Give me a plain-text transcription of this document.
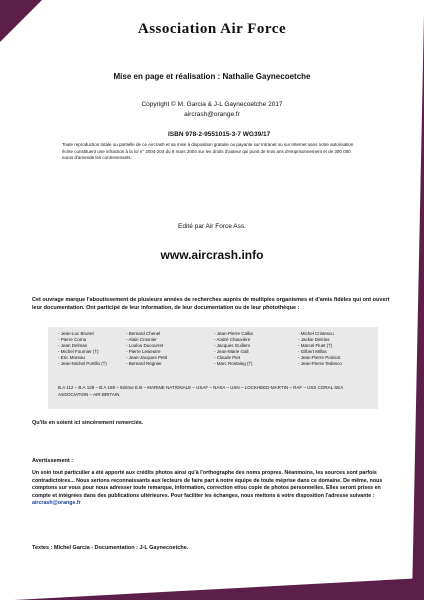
Association Air Force
Mise en page et réalisation : Nathalie Gaynecoetche
Copyright © M. Garcia & J-L Gaynecoetche 2017
aircrash@orange.fr
ISBN 978-2-9551015-3-7 WG39/17
Toute reproduction totale ou partielle de ce Aircrash et sa mise à disposition gratuite ou payante sur Intranet ou sur Internet sans notre autorisation écrite constituent une infraction à la loi n° 2004-204 du 9 mars 2004 sur les droits d'auteur qui punit de trois ans d'emprisonnement et de 300 000 euros d'amende les contrevenants.
Edité par Air Force Ass.
www.aircrash.info
Cet ouvrage marque l'aboutissement de plusieurs années de recherches auprès de multiples organismes et d'amis fidèles qui ont ouvert leur documentation. Ont participé de leur information, de leur documentation ou de leur photothèque :
- Jean-Luc Brunet
- Pierre Cornu
- Jean Delmas
- Michel Fournier (†)
- Eric Moreau
- Jean-Michel Portillo (†)
- Bernard Chenel
- Alain Crosnier
- Loulou Ducourret
- Pierre Lesieutre
- Jean-Jacques Petit
- Bernard Régnier
- Jean-Pierre Calka
- André Chauvière
- Jacques Guillem
- Jean-Marie Gall
- Claude Piet
- Marc Rostaing (†)
- Michel Cristescu
- Jackie Delclos
- Marcel Fluet (†)
- Gilbert Millas
- Jean-Pierre Poinsot
- Jean-Pierre Tedesco
B.A 112 – B.A 128 – B.A 188 – 92ème E.B – MARINE NATIONALE – USAF – NASA – USN – LOCKHEED-MARTIN – RAF – USS CORAL SEA ASSOCIATION – AIR BRITAIN.
Qu'ils en soient ici sincèrement remerciés.
Avertissement :
Un soin tout particulier a été apporté aux crédits photos ainsi qu'à l'orthographe des noms propres. Néanmoins, les sources sont parfois contradictoires... Nous serions reconnaissants aux lecteurs de faire part à notre équipe de toute méprise dans ce domaine. De même, nous comptons sur vous pour nous adresser toute remarque, information, correction et/ou copie de photos personnelles. Elles seront prises en compte et intégrées dans des publications ultérieures. Pour faciliter les échanges, nous mettons à votre disposition l'adresse suivante : aircrash@orange.fr
Textes : Michel Garcia - Documentation : J-L Gaynecoetche.
